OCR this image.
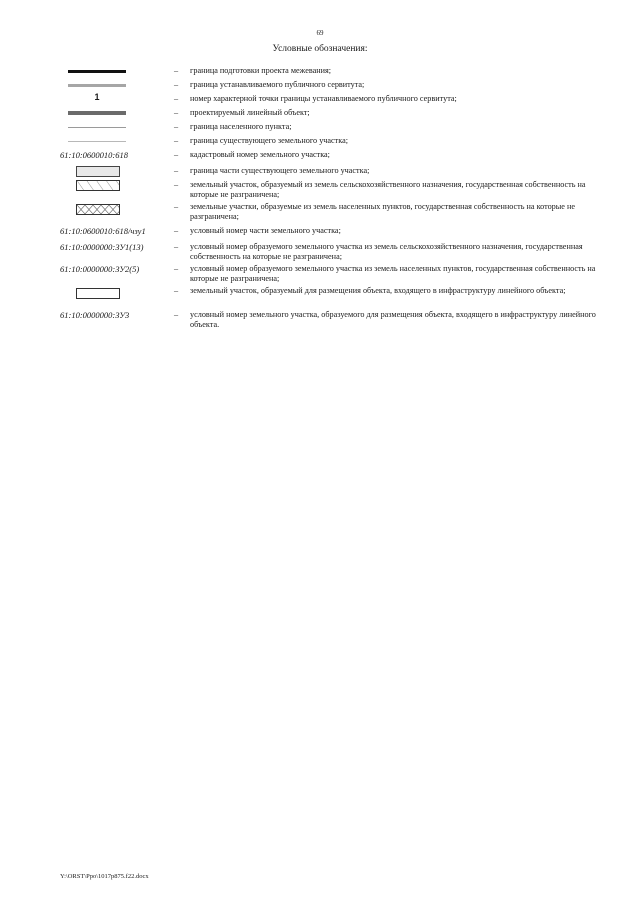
69
Условные обозначения:
–	граница подготовки проекта межевания;
–	граница устанавливаемого публичного сервитута;
1	–	номер характерной точки границы устанавливаемого публичного сервитута;
–	проектируемый линейный объект;
–	граница населенного пункта;
–	граница существующего земельного участка;
61:10:0600010:618	–	кадастровый номер земельного участка;
–	граница части существующего земельного участка;
–	земельный участок, образуемый из земель сельскохозяйственного назначения, государственная собственность на которые не разграничена;
–	земельные участки, образуемые из земель населенных пунктов, государственная собственность на которые не разграничена;
61:10:0600010:618/чзу1	–	условный номер части земельного участка;
61:10:0000000:ЗУ1(13)	–	условный номер образуемого земельного участка из земель сельскохозяйственного назначения, государственная собственность на которые не разграничена;
61:10:0000000:ЗУ2(5)	–	условный номер образуемого земельного участка из земель населенных пунктов, государственная собственность на которые не разграничена;
–	земельный участок, образуемый для размещения объекта, входящего в инфраструктуру линейного объекта;
61:10:0000000:ЗУ3	–	условный номер земельного участка, образуемого для размещения объекта, входящего в инфраструктуру линейного объекта.
Y:\ORST\Ppo\1017p875.f22.docx
